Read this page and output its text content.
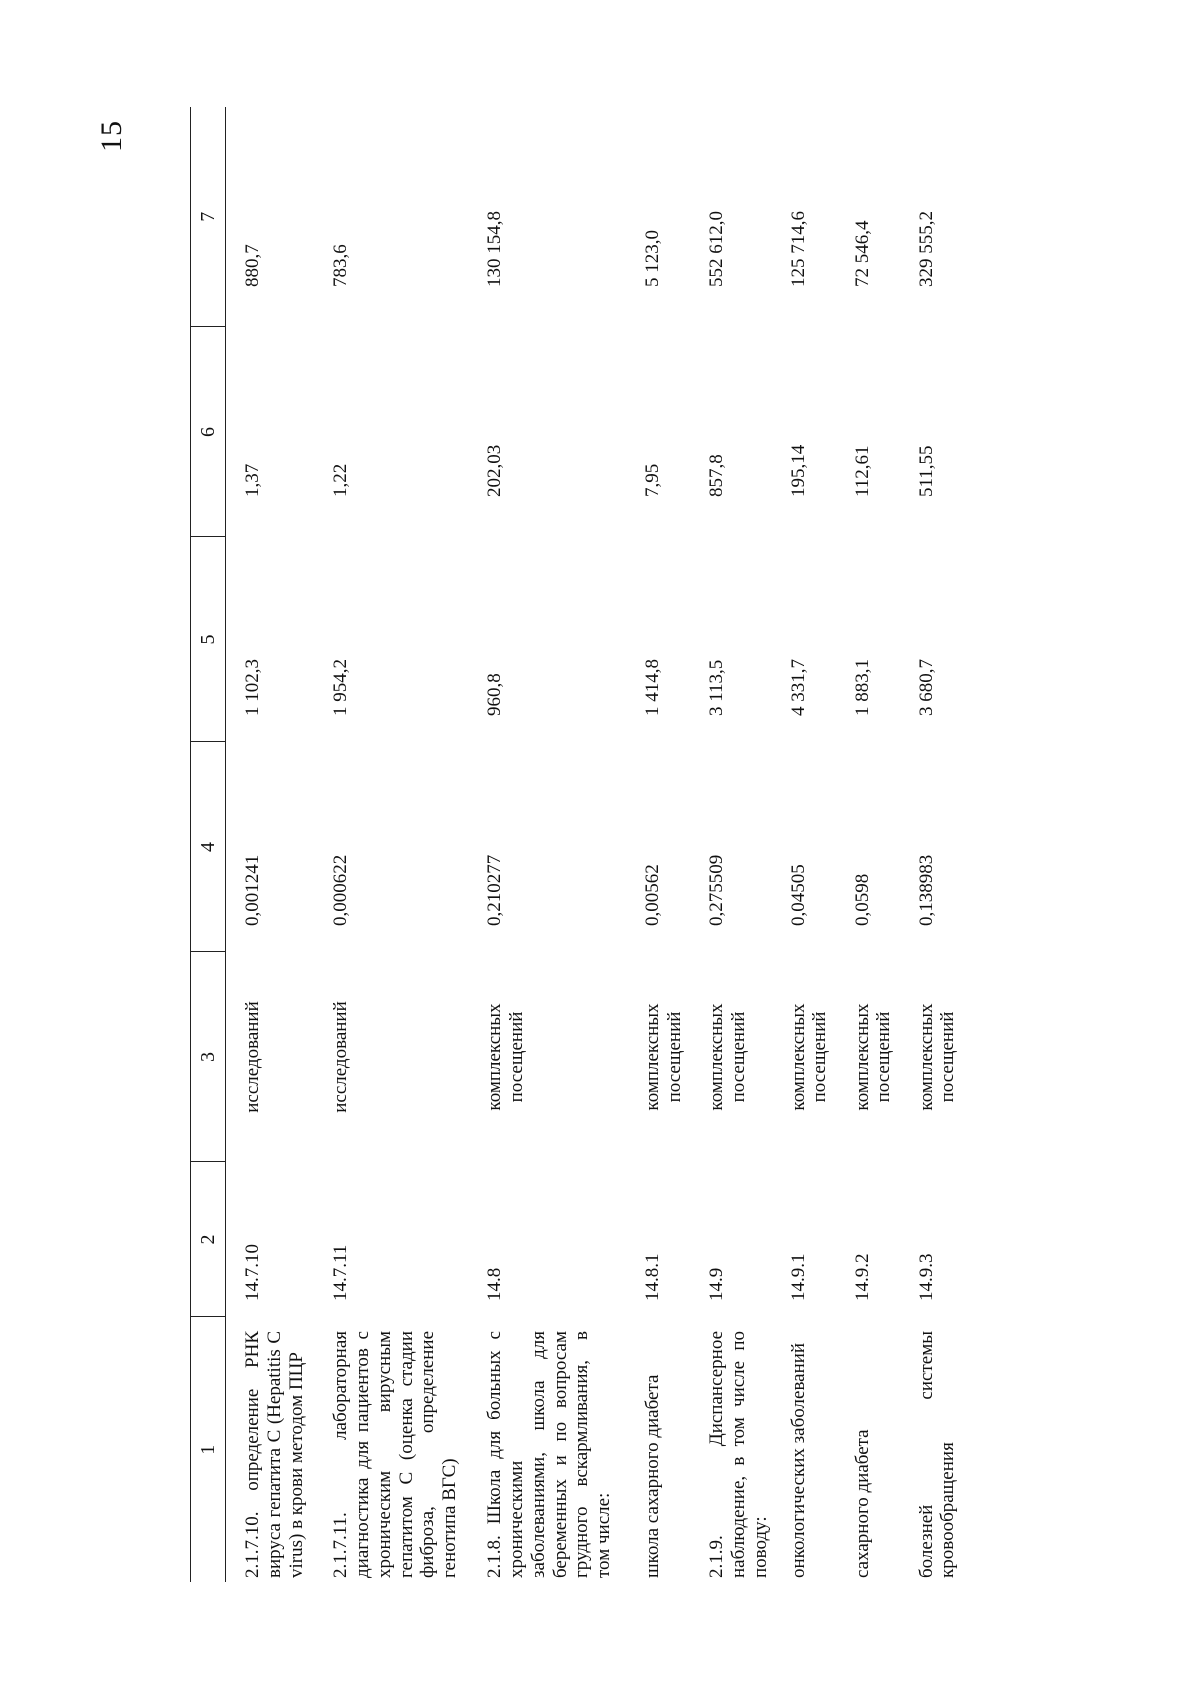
15
1	2	3	4	5	6	7
2.1.7.10. определение РНК вируса гепатита С (Hepatitis С virus) в крови методом ПЦР	14.7.10	исследований	0,001241	1 102,3	1,37	880,7
2.1.7.11. лабораторная диагностика для пациентов с хроническим вирусным гепатитом С (оценка стадии фиброза, определение генотипа ВГС)	14.7.11	исследований	0,000622	1 954,2	1,22	783,6
2.1.8. Школа для больных с хроническими заболеваниями, школа для беременных и по вопросам грудного вскармливания, в том числе:	14.8	комплексных посещений	0,210277	960,8	202,03	130 154,8
школа сахарного диабета	14.8.1	комплексных посещений	0,00562	1 414,8	7,95	5 123,0
2.1.9. Диспансерное наблюдение, в том числе по поводу:	14.9	комплексных посещений	0,275509	3 113,5	857,8	552 612,0
онкологических заболеваний	14.9.1	комплексных посещений	0,04505	4 331,7	195,14	125 714,6
сахарного диабета	14.9.2	комплексных посещений	0,0598	1 883,1	112,61	72 546,4
болезней системы кровообращения	14.9.3	комплексных посещений	0,138983	3 680,7	511,55	329 555,2
